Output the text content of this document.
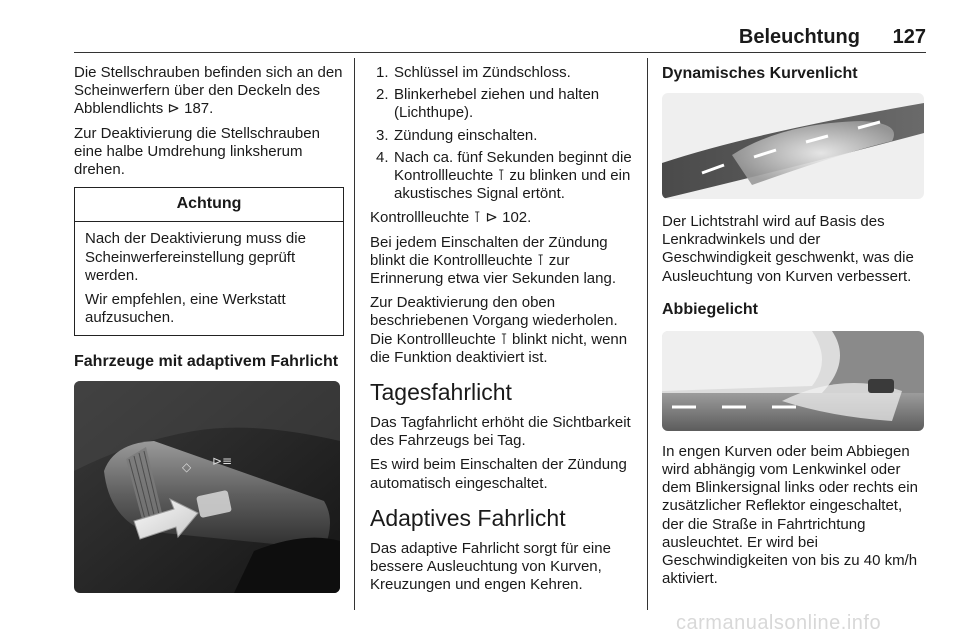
Beleuchtung	127

Die Stellschrauben befinden sich an den Scheinwerfern über den Deckeln des Abblendlichts ⊳ 187.

Zur Deaktivierung die Stellschrauben eine halbe Umdrehung linksherum drehen.

Achtung

Nach der Deaktivierung muss die Scheinwerfereinstellung geprüft werden.

Wir empfehlen, eine Werkstatt aufzusuchen.

Fahrzeuge mit adaptivem Fahrlicht
◇ ⊳≡
1. Schlüssel im Zündschloss.
2. Blinkerhebel ziehen und halten (Lichthupe).
3. Zündung einschalten.
4. Nach ca. fünf Sekunden beginnt die Kontrollleuchte ⊺ zu blinken und ein akustisches Signal ertönt.

Kontrollleuchte ⊺ ⊳ 102.

Bei jedem Einschalten der Zündung blinkt die Kontrollleuchte ⊺ zur Erinnerung etwa vier Sekunden lang.

Zur Deaktivierung den oben beschriebenen Vorgang wiederholen. Die Kontrollleuchte ⊺ blinkt nicht, wenn die Funktion deaktiviert ist.

Tagesfahrlicht

Das Tagfahrlicht erhöht die Sichtbarkeit des Fahrzeugs bei Tag.

Es wird beim Einschalten der Zündung automatisch eingeschaltet.

Adaptives Fahrlicht

Das adaptive Fahrlicht sorgt für eine bessere Ausleuchtung von Kurven, Kreuzungen und engen Kehren.

Dynamisches Kurvenlicht

Der Lichtstrahl wird auf Basis des Lenkradwinkels und der Geschwindigkeit geschwenkt, was die Ausleuchtung von Kurven verbessert.

Abbiegelicht

In engen Kurven oder beim Abbiegen wird abhängig vom Lenkwinkel oder dem Blinkersignal links oder rechts ein zusätzlicher Reflektor eingeschaltet, der die Straße in Fahrtrichtung ausleuchtet. Er wird bei Geschwindigkeiten von bis zu 40 km/h aktiviert.

carmanualsonline.info
